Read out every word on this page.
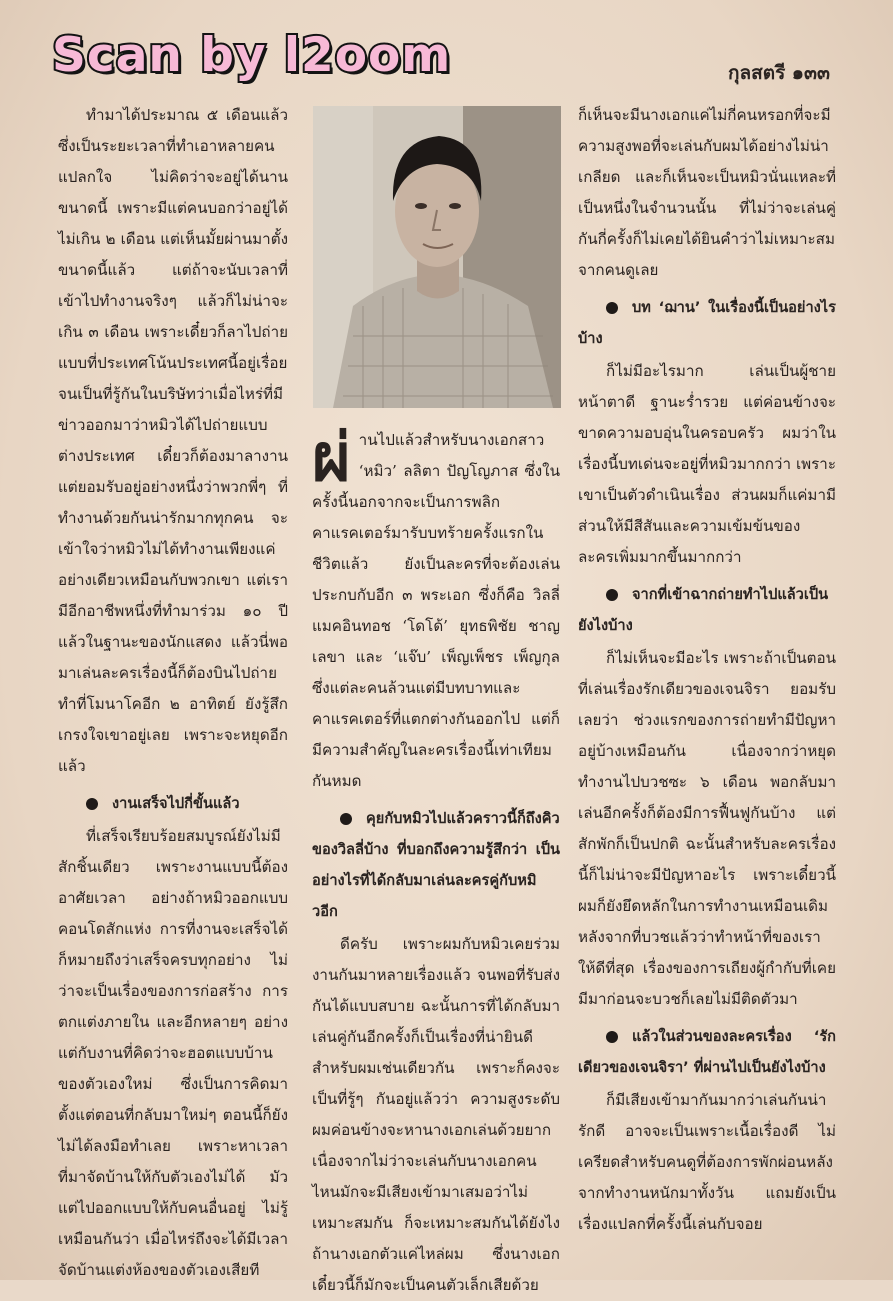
Scan by l2oom	กุลสตรี ๑๓๓

ทำมาได้ประมาณ ๕ เดือนแล้ว ซึ่งเป็นระยะเวลาที่ทำเอาหลายคนแปลกใจ ไม่คิดว่าจะอยู่ได้นานขนาดนี้ เพราะมีแต่คนบอกว่าอยู่ได้ไม่เกิน ๒ เดือน แต่เห็นมั้ยผ่านมาตั้งขนาดนี้แล้ว แต่ถ้าจะนับเวลาที่เข้าไปทำงานจริงๆ แล้วก็ไม่น่าจะเกิน ๓ เดือน เพราะเดี๋ยวก็ลาไปถ่ายแบบที่ประเทศโน้นประเทศนี้อยู่เรื่อย จนเป็นที่รู้กันในบริษัทว่าเมื่อไหร่ที่มีข่าวออกมาว่าหมิวได้ไปถ่ายแบบต่างประเทศ เดี๋ยวก็ต้องมาลางาน แต่ยอมรับอยู่อย่างหนึ่งว่าพวกพี่ๆ ที่ทำงานด้วยกันน่ารักมากทุกคน จะเข้าใจว่าหมิวไม่ได้ทำงานเพียงแค่อย่างเดียวเหมือนกับพวกเขา แต่เรามีอีกอาชีพหนึ่งที่ทำมาร่วม ๑๐ ปีแล้วในฐานะของนักแสดง แล้วนี่พอมาเล่นละครเรื่องนี้ก็ต้องบินไปถ่ายทำที่โมนาโคอีก ๒ อาทิตย์ ยังรู้สึกเกรงใจเขาอยู่เลย เพราะจะหยุดอีกแล้ว

งานเสร็จไปกี่ขั้นแล้ว

ที่เสร็จเรียบร้อยสมบูรณ์ยังไม่มีสักชิ้นเดียว เพราะงานแบบนี้ต้องอาศัยเวลา อย่างถ้าหมิวออกแบบคอนโดสักแห่ง การที่งานจะเสร็จได้ก็หมายถึงว่าเสร็จครบทุกอย่าง ไม่ว่าจะเป็นเรื่องของการก่อสร้าง การตกแต่งภายใน และอีกหลายๆ อย่าง แต่กับงานที่คิดว่าจะฮอตแบบบ้านของตัวเองใหม่ ซึ่งเป็นการคิดมาตั้งแต่ตอนที่กลับมาใหม่ๆ ตอนนี้ก็ยังไม่ได้ลงมือทำเลย เพราะหาเวลาที่มาจัดบ้านให้กับตัวเองไม่ได้ มัวแต่ไปออกแบบให้กับคนอื่นอยู่ ไม่รู้เหมือนกันว่า เมื่อไหร่ถึงจะได้มีเวลาจัดบ้านแต่งห้องของตัวเองเสียที

ผ่านไปแล้วสำหรับนางเอกสาว ‘หมิว’ ลลิตา ปัญโญภาส ซึ่งในครั้งนี้นอกจากจะเป็นการพลิกคาแรคเตอร์มารับบทร้ายครั้งแรกในชีวิตแล้ว ยังเป็นละครที่จะต้องเล่นประกบกับอีก ๓ พระเอก ซึ่งก็คือ วิลลี่ แมคอินทอช ‘โดโด้’ ยุทธพิชัย ชาญเลขา และ ‘แจ๊บ’ เพ็ญเพ็ชร เพ็ญกุล ซึ่งแต่ละคนล้วนแต่มีบทบาทและคาแรคเตอร์ที่แตกต่างกันออกไป แต่ก็มีความสำคัญในละครเรื่องนี้เท่าเทียมกันหมด

คุยกับหมิวไปแล้วคราวนี้ก็ถึงคิวของวิลลี่บ้าง ที่บอกถึงความรู้สึกว่า เป็นอย่างไรที่ได้กลับมาเล่นละครคู่กับหมิวอีก

ดีครับ เพราะผมกับหมิวเคยร่วมงานกันมาหลายเรื่องแล้ว จนพอที่รับส่งกันได้แบบสบาย ฉะนั้นการที่ได้กลับมาเล่นคู่กันอีกครั้งก็เป็นเรื่องที่น่ายินดีสำหรับผมเช่นเดียวกัน เพราะก็คงจะเป็นที่รู้ๆ กันอยู่แล้วว่า ความสูงระดับผมค่อนข้างจะหานางเอกเล่นด้วยยาก เนื่องจากไม่ว่าจะเล่นกับนางเอกคนไหนมักจะมีเสียงเข้ามาเสมอว่าไม่เหมาะสมกัน ก็จะเหมาะสมกันได้ยังไง ถ้านางเอกตัวแค่ไหล่ผม ซึ่งนางเอกเดี๋ยวนี้ก็มักจะเป็นคนตัวเล็กเสียด้วย

ก็เห็นจะมีนางเอกแค่ไม่กี่คนหรอกที่จะมีความสูงพอที่จะเล่นกับผมได้อย่างไม่น่าเกลียด และก็เห็นจะเป็นหมิวนั่นแหละที่เป็นหนึ่งในจำนวนนั้น ที่ไม่ว่าจะเล่นคู่กันกี่ครั้งก็ไม่เคยได้ยินคำว่าไม่เหมาะสมจากคนดูเลย

บท ‘ฌาน’ ในเรื่องนี้เป็นอย่างไรบ้าง

ก็ไม่มีอะไรมาก เล่นเป็นผู้ชายหน้าตาดี ฐานะร่ำรวย แต่ค่อนข้างจะขาดความอบอุ่นในครอบครัว ผมว่าในเรื่องนี้บทเด่นจะอยู่ที่หมิวมากกว่า เพราะเขาเป็นตัวดำเนินเรื่อง ส่วนผมก็แค่มามีส่วนให้มีสีสันและความเข้มข้นของละครเพิ่มมากขึ้นมากกว่า

จากที่เข้าฉากถ่ายทำไปแล้วเป็นยังไงบ้าง

ก็ไม่เห็นจะมีอะไร เพราะถ้าเป็นตอนที่เล่นเรื่องรักเดียวของเจนจิรา ยอมรับเลยว่า ช่วงแรกของการถ่ายทำมีปัญหาอยู่บ้างเหมือนกัน เนื่องจากว่าหยุดทำงานไปบวชซะ ๖ เดือน พอกลับมาเล่นอีกครั้งก็ต้องมีการฟื้นฟูกันบ้าง แต่สักพักก็เป็นปกติ ฉะนั้นสำหรับละครเรื่องนี้ก็ไม่น่าจะมีปัญหาอะไร เพราะเดี๋ยวนี้ผมก็ยังยึดหลักในการทำงานเหมือนเดิม หลังจากที่บวชแล้วว่าทำหน้าที่ของเราให้ดีที่สุด เรื่องของการเถียงผู้กำกับที่เคยมีมาก่อนจะบวชก็เลยไม่มีติดตัวมา

แล้วในส่วนของละครเรื่อง ‘รักเดียวของเจนจิรา’ ที่ผ่านไปเป็นยังไงบ้าง

ก็มีเสียงเข้ามากันมากว่าเล่นกันน่ารักดี อาจจะเป็นเพราะเนื้อเรื่องดี ไม่เครียดสำหรับคนดูที่ต้องการพักผ่อนหลังจากทำงานหนักมาทั้งวัน แถมยังเป็นเรื่องแปลกที่ครั้งนี้เล่นกับจอย
